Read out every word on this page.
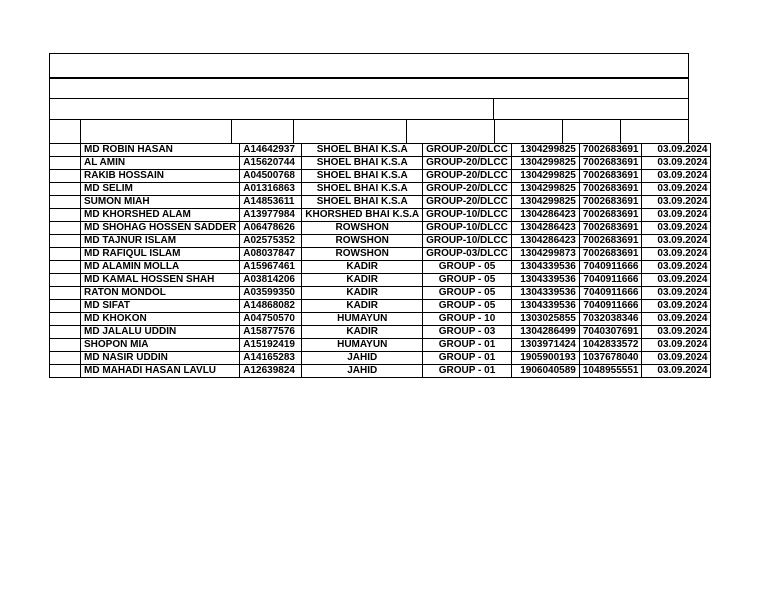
	MD ROBIN HASAN	A14642937	SHOEL BHAI K.S.A	GROUP-20/DLCC	1304299825	7002683691	03.09.2024
	AL AMIN	A15620744	SHOEL BHAI K.S.A	GROUP-20/DLCC	1304299825	7002683691	03.09.2024
	RAKIB HOSSAIN	A04500768	SHOEL BHAI K.S.A	GROUP-20/DLCC	1304299825	7002683691	03.09.2024
	MD SELIM	A01316863	SHOEL BHAI K.S.A	GROUP-20/DLCC	1304299825	7002683691	03.09.2024
	SUMON MIAH	A14853611	SHOEL BHAI K.S.A	GROUP-20/DLCC	1304299825	7002683691	03.09.2024
	MD KHORSHED ALAM	A13977984	KHORSHED BHAI K.S.A	GROUP-10/DLCC	1304286423	7002683691	03.09.2024
	MD SHOHAG HOSSEN SADDER	A06478626	ROWSHON	GROUP-10/DLCC	1304286423	7002683691	03.09.2024
	MD TAJNUR ISLAM	A02575352	ROWSHON	GROUP-10/DLCC	1304286423	7002683691	03.09.2024
	MD RAFIQUL ISLAM	A08037847	ROWSHON	GROUP-03/DLCC	1304299873	7002683691	03.09.2024
	MD ALAMIN MOLLA	A15967461	KADIR	GROUP - 05	1304339536	7040911666	03.09.2024
	MD KAMAL HOSSEN SHAH	A03814206	KADIR	GROUP - 05	1304339536	7040911666	03.09.2024
	RATON MONDOL	A03599350	KADIR	GROUP - 05	1304339536	7040911666	03.09.2024
	MD SIFAT	A14868082	KADIR	GROUP - 05	1304339536	7040911666	03.09.2024
	MD KHOKON	A04750570	HUMAYUN	GROUP - 10	1303025855	7032038346	03.09.2024
	MD JALALU UDDIN	A15877576	KADIR	GROUP - 03	1304286499	7040307691	03.09.2024
	SHOPON MIA	A15192419	HUMAYUN	GROUP - 01	1303971424	1042833572	03.09.2024
	MD NASIR UDDIN	A14165283	JAHID	GROUP - 01	1905900193	1037678040	03.09.2024
	MD MAHADI HASAN LAVLU	A12639824	JAHID	GROUP - 01	1906040589	1048955551	03.09.2024
